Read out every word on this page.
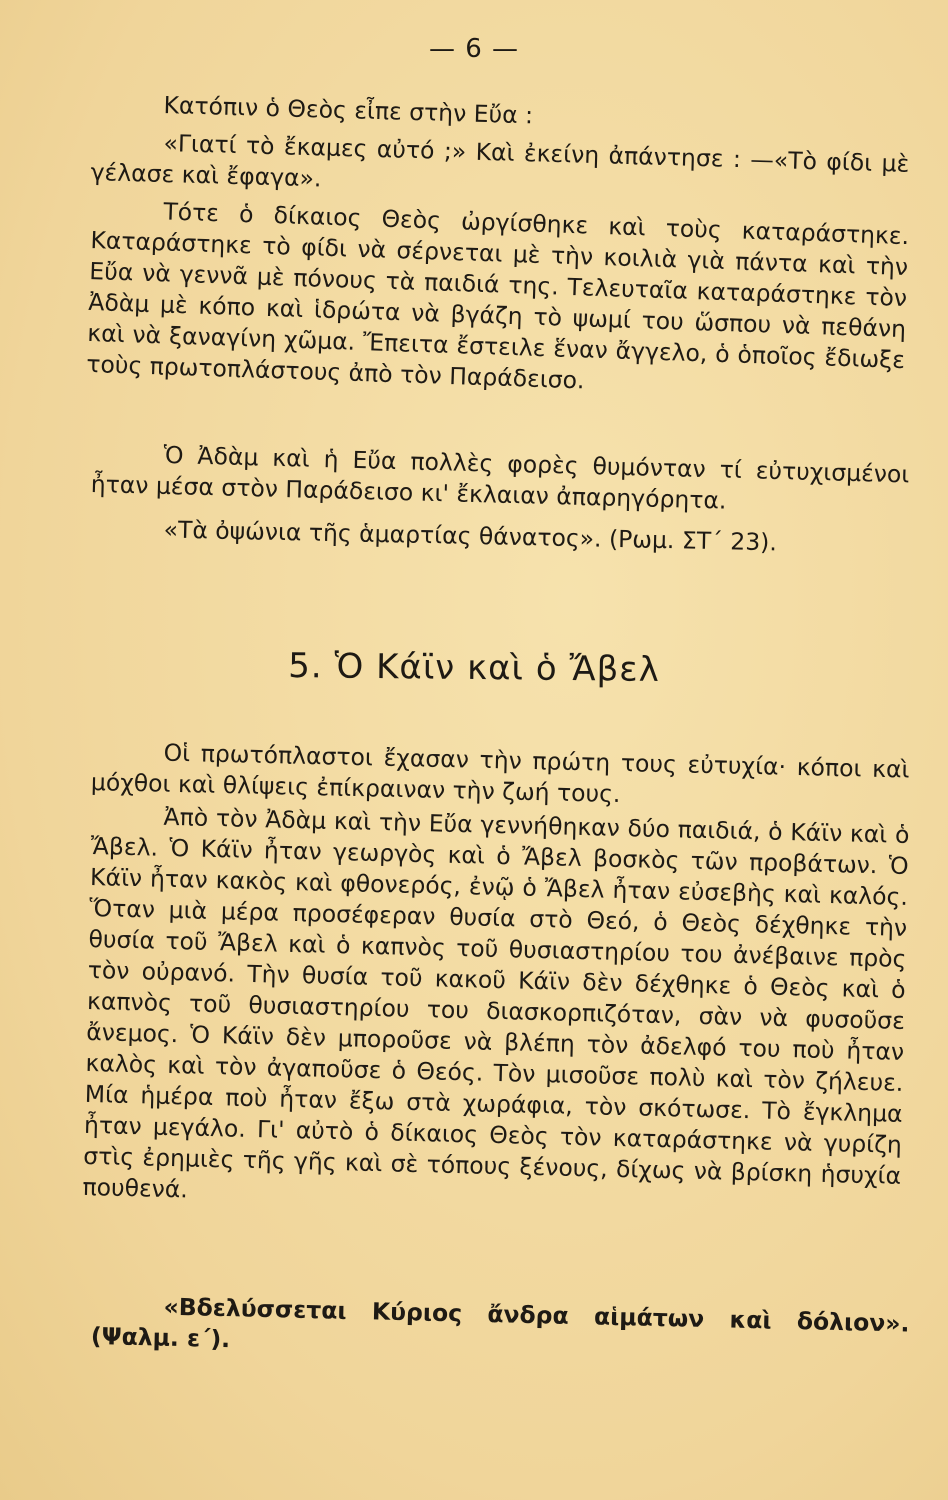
— 6 —

Κατόπιν ὁ Θεὸς εἶπε στὴν Εὔα :

«Γιατί τὸ ἔκαμες αὐτό ;» Καὶ ἐκείνη ἀπάντησε : —«Τὸ φίδι μὲ γέλασε καὶ ἔφαγα».

Τότε ὁ δίκαιος Θεὸς ὠργίσθηκε καὶ τοὺς καταράστηκε. Καταράστηκε τὸ φίδι νὰ σέρνεται μὲ τὴν κοιλιὰ γιὰ πάντα καὶ τὴν Εὔα νὰ γεννᾶ μὲ πόνους τὰ παιδιά της. Τελευταῖα καταράστηκε τὸν Ἀδὰμ μὲ κόπο καὶ ἱδρώτα νὰ βγάζη τὸ ψωμί του ὥσπου νὰ πεθάνη καὶ νὰ ξαναγίνη χῶμα. Ἔπειτα ἔστειλε ἕναν ἄγγελο, ὁ ὁποῖος ἔδιωξε τοὺς πρωτοπλάστους ἀπὸ τὸν Παράδεισο.

Ὁ Ἀδὰμ καὶ ἡ Εὔα πολλὲς φορὲς θυμόνταν τί εὐτυχισμένοι ἦταν μέσα στὸν Παράδεισο κι' ἔκλαιαν ἀπαρηγόρητα.

«Τὰ ὀψώνια τῆς ἁμαρτίας θάνατος». (Ρωμ. ΣΤ΄ 23).

5. Ὁ Κάϊν καὶ ὁ Ἄβελ

Οἱ πρωτόπλαστοι ἔχασαν τὴν πρώτη τους εὐτυχία· κόποι καὶ μόχθοι καὶ θλίψεις ἐπίκραιναν τὴν ζωή τους.

Ἀπὸ τὸν Ἀδὰμ καὶ τὴν Εὔα γεννήθηκαν δύο παιδιά, ὁ Κάϊν καὶ ὁ Ἄβελ. Ὁ Κάϊν ἦταν γεωργὸς καὶ ὁ Ἄβελ βοσκὸς τῶν προβάτων. Ὁ Κάϊν ἦταν κακὸς καὶ φθονερός, ἐνῷ ὁ Ἄβελ ἦταν εὐσεβὴς καὶ καλός. Ὅταν μιὰ μέρα προσέφεραν θυσία στὸ Θεό, ὁ Θεὸς δέχθηκε τὴν θυσία τοῦ Ἄβελ καὶ ὁ καπνὸς τοῦ θυσιαστηρίου του ἀνέβαινε πρὸς τὸν οὐρανό. Τὴν θυσία τοῦ κακοῦ Κάϊν δὲν δέχθηκε ὁ Θεὸς καὶ ὁ καπνὸς τοῦ θυσιαστηρίου του διασκορπιζόταν, σὰν νὰ φυσοῦσε ἄνεμος. Ὁ Κάϊν δὲν μποροῦσε νὰ βλέπη τὸν ἀδελφό του ποὺ ἦταν καλὸς καὶ τὸν ἀγαποῦσε ὁ Θεός. Τὸν μισοῦσε πολὺ καὶ τὸν ζήλευε. Μία ἡμέρα ποὺ ἦταν ἔξω στὰ χωράφια, τὸν σκότωσε. Τὸ ἔγκλημα ἦταν μεγάλο. Γι' αὐτὸ ὁ δίκαιος Θεὸς τὸν καταράστηκε νὰ γυρίζη στὶς ἐρημιὲς τῆς γῆς καὶ σὲ τόπους ξένους, δίχως νὰ βρίσκη ἡσυχία πουθενά.

«Βδελύσσεται Κύριος ἄνδρα αἱμάτων καὶ δόλιον». (Ψαλμ. ε΄).
